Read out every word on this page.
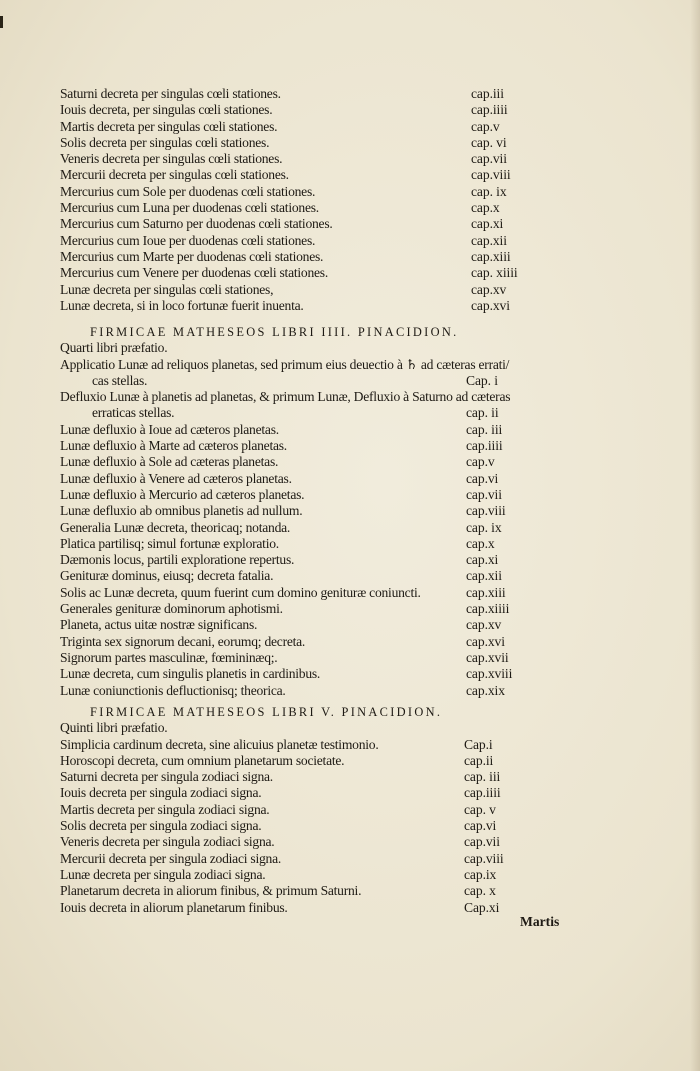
Saturni decreta per singulas cœli stationes.	cap.iii
Iouis decreta, per singulas cœli stationes.	cap.iiii
Martis decreta per singulas cœli stationes.	cap.v
Solis decreta per singulas cœli stationes.	cap. vi
Veneris decreta per singulas cœli stationes.	cap.vii
Mercurii decreta per singulas cœli stationes.	cap.viii
Mercurius cum Sole per duodenas cœli stationes.	cap. ix
Mercurius cum Luna per duodenas cœli stationes.	cap.x
Mercurius cum Saturno per duodenas cœli stationes.	cap.xi
Mercurius cum Ioue per duodenas cœli stationes.	cap.xii
Mercurius cum Marte per duodenas cœli stationes.	cap.xiii
Mercurius cum Venere per duodenas cœli stationes.	cap. xiiii
Lunæ decreta per singulas cœli stationes,	cap.xv
Lunæ decreta, si in loco fortunæ fuerit inuenta.	cap.xvi
FIRMICAE MATHESEOS LIBRI IIII. PINACIDION.
Quarti libri præfatio.
Applicatio Lunæ ad reliquos planetas, sed primum eius deuectio à ♄ ad cæteras errati/
cas stellas.	Cap. i
Defluxio Lunæ à planetis ad planetas, & primum Lunæ, Defluxio à Saturno ad cæteras
erraticas stellas.	cap. ii
Lunæ defluxio à Ioue ad cæteros planetas.	cap. iii
Lunæ defluxio à Marte ad cæteros planetas.	cap.iiii
Lunæ defluxio à Sole ad cæteras planetas.	cap.v
Lunæ defluxio à Venere ad cæteros planetas.	cap.vi
Lunæ defluxio à Mercurio ad cæteros planetas.	cap.vii
Lunæ defluxio ab omnibus planetis ad nullum.	cap.viii
Generalia Lunæ decreta, theoricaq; notanda.	cap. ix
Platica partilisq; simul fortunæ exploratio.	cap.x
Dæmonis locus, partili exploratione repertus.	cap.xi
Genituræ dominus, eiusq; decreta fatalia.	cap.xii
Solis ac Lunæ decreta, quum fuerint cum domino genituræ coniuncti.	cap.xiii
Generales genituræ dominorum aphotismi.	cap.xiiii
Planeta, actus uitæ nostræ significans.	cap.xv
Triginta sex signorum decani, eorumq; decreta.	cap.xvi
Signorum partes masculinæ, fœmininæq;.	cap.xvii
Lunæ decreta, cum singulis planetis in cardinibus.	cap.xviii
Lunæ coniunctionis defluctionisq; theorica.	cap.xix
FIRMICAE MATHESEOS LIBRI V. PINACIDION.
Quinti libri præfatio.
Simplicia cardinum decreta, sine alicuius planetæ testimonio.	Cap.i
Horoscopi decreta, cum omnium planetarum societate.	cap.ii
Saturni decreta per singula zodiaci signa.	cap. iii
Iouis decreta per singula zodiaci signa.	cap.iiii
Martis decreta per singula zodiaci signa.	cap. v
Solis decreta per singula zodiaci signa.	cap.vi
Veneris decreta per singula zodiaci signa.	cap.vii
Mercurii decreta per singula zodiaci signa.	cap.viii
Lunæ decreta per singula zodiaci signa.	cap.ix
Planetarum decreta in aliorum finibus, & primum Saturni.	cap. x
Iouis decreta in aliorum planetarum finibus.	Cap.xi
Martis
